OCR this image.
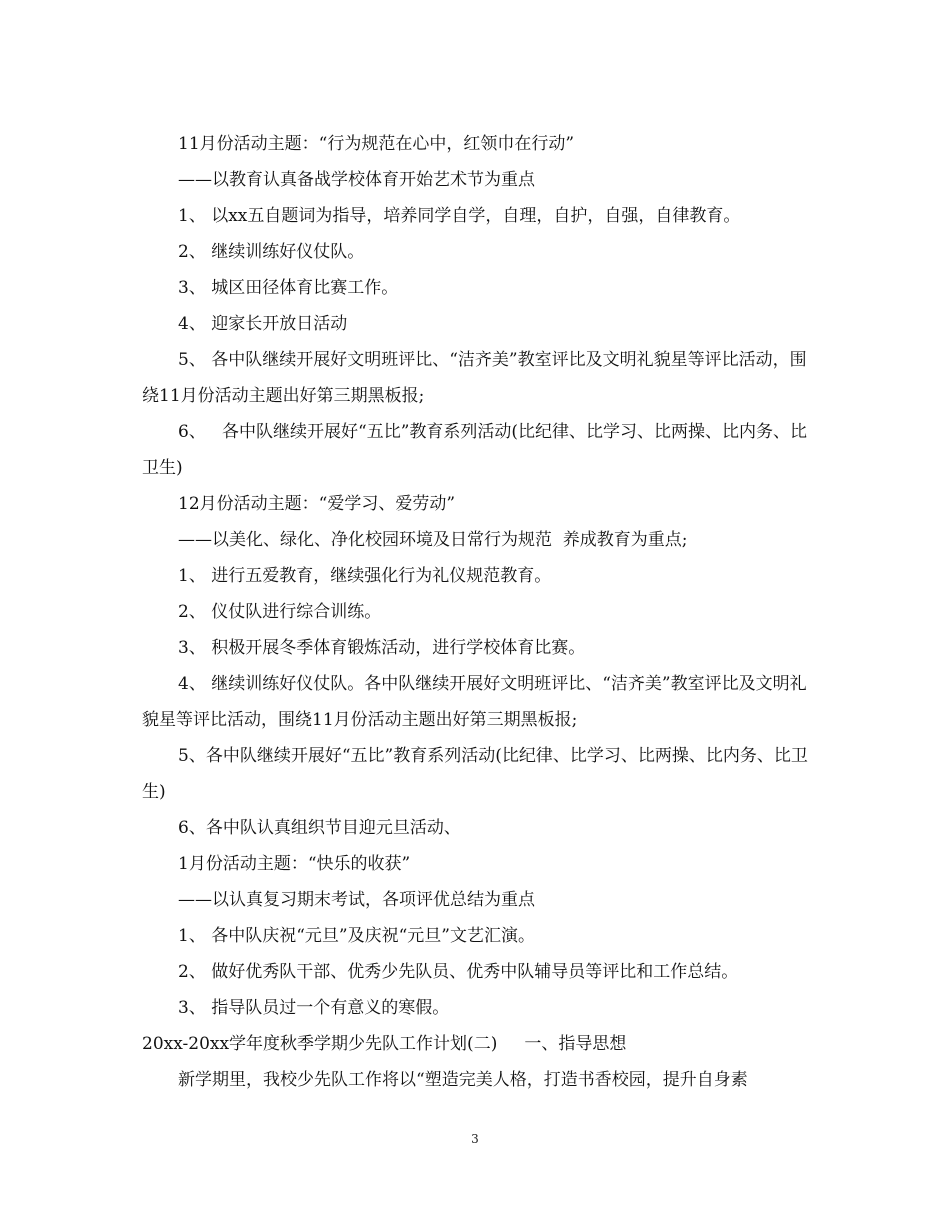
11月份活动主题：“行为规范在心中，红领巾在行动”

——以教育认真备战学校体育开始艺术节为重点

1、 以xx五自题词为指导，培养同学自学，自理，自护，自强，自律教育。

2、 继续训练好仪仗队。

3、 城区田径体育比赛工作。

4、 迎家长开放日活动

5、 各中队继续开展好文明班评比、“洁齐美”教室评比及文明礼貌星等评比活动，围绕11月份活动主题出好第三期黑板报;

6、   各中队继续开展好“五比”教育系列活动(比纪律、比学习、比两操、比内务、比卫生)

12月份活动主题：“爱学习、爱劳动”

——以美化、绿化、净化校园环境及日常行为规范  养成教育为重点;

1、 进行五爱教育，继续强化行为礼仪规范教育。

2、 仪仗队进行综合训练。

3、 积极开展冬季体育锻炼活动，进行学校体育比赛。

4、 继续训练好仪仗队。各中队继续开展好文明班评比、“洁齐美”教室评比及文明礼貌星等评比活动，围绕11月份活动主题出好第三期黑板报;

5、各中队继续开展好“五比”教育系列活动(比纪律、比学习、比两操、比内务、比卫生)

6、各中队认真组织节目迎元旦活动、

1月份活动主题：“快乐的收获”

——以认真复习期末考试，各项评优总结为重点

1、 各中队庆祝“元旦”及庆祝“元旦”文艺汇演。

2、 做好优秀队干部、优秀少先队员、优秀中队辅导员等评比和工作总结。

3、 指导队员过一个有意义的寒假。

20xx-20xx学年度秋季学期少先队工作计划(二)     一、指导思想

新学期里，我校少先队工作将以“塑造完美人格，打造书香校园，提升自身素

3
